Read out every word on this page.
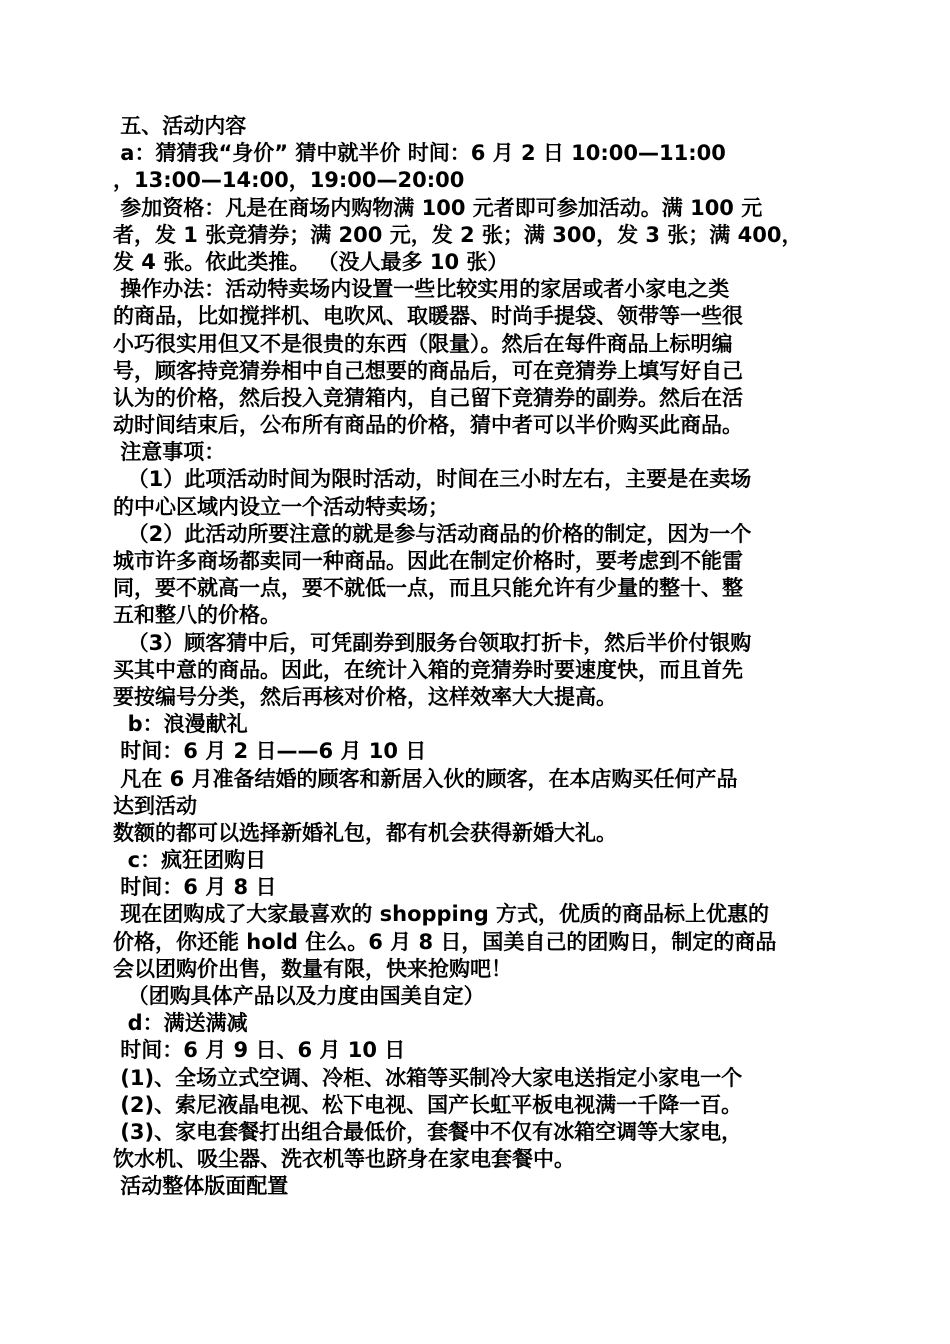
五、活动内容
a：猜猜我“身价” 猜中就半价 时间：6 月 2 日 10:00—11:00
，13:00—14:00，19:00—20:00
参加资格：凡是在商场内购物满 100 元者即可参加活动。满 100 元
者，发 1 张竞猜券；满 200 元，发 2 张；满 300，发 3 张；满 400，
发 4 张。依此类推。 （没人最多 10 张）
操作办法：活动特卖场内设置一些比较实用的家居或者小家电之类
的商品，比如搅拌机、电吹风、取暖器、时尚手提袋、领带等一些很
小巧很实用但又不是很贵的东西（限量）。然后在每件商品上标明编
号，顾客持竞猜券相中自己想要的商品后，可在竞猜券上填写好自己
认为的价格，然后投入竞猜箱内，自己留下竞猜券的副券。然后在活
动时间结束后，公布所有商品的价格，猜中者可以半价购买此商品。
注意事项：
（1）此项活动时间为限时活动，时间在三小时左右，主要是在卖场
的中心区域内设立一个活动特卖场；
（2）此活动所要注意的就是参与活动商品的价格的制定，因为一个
城市许多商场都卖同一种商品。因此在制定价格时，要考虑到不能雷
同，要不就高一点，要不就低一点，而且只能允许有少量的整十、整
五和整八的价格。
（3）顾客猜中后，可凭副券到服务台领取打折卡，然后半价付银购
买其中意的商品。因此，在统计入箱的竞猜券时要速度快，而且首先
要按编号分类，然后再核对价格，这样效率大大提高。
b：浪漫献礼
时间：6 月 2 日——6 月 10 日
凡在 6 月准备结婚的顾客和新居入伙的顾客，在本店购买任何产品
达到活动
数额的都可以选择新婚礼包，都有机会获得新婚大礼。
c：疯狂团购日
时间：6 月 8 日
现在团购成了大家最喜欢的 shopping 方式，优质的商品标上优惠的
价格，你还能 hold 住么。6 月 8 日，国美自己的团购日，制定的商品
会以团购价出售，数量有限，快来抢购吧！
（团购具体产品以及力度由国美自定）
d：满送满减
时间：6 月 9 日、6 月 10 日
(1)、全场立式空调、冷柜、冰箱等买制冷大家电送指定小家电一个
(2)、索尼液晶电视、松下电视、国产长虹平板电视满一千降一百。
(3)、家电套餐打出组合最低价，套餐中不仅有冰箱空调等大家电，
饮水机、吸尘器、洗衣机等也跻身在家电套餐中。
活动整体版面配置
